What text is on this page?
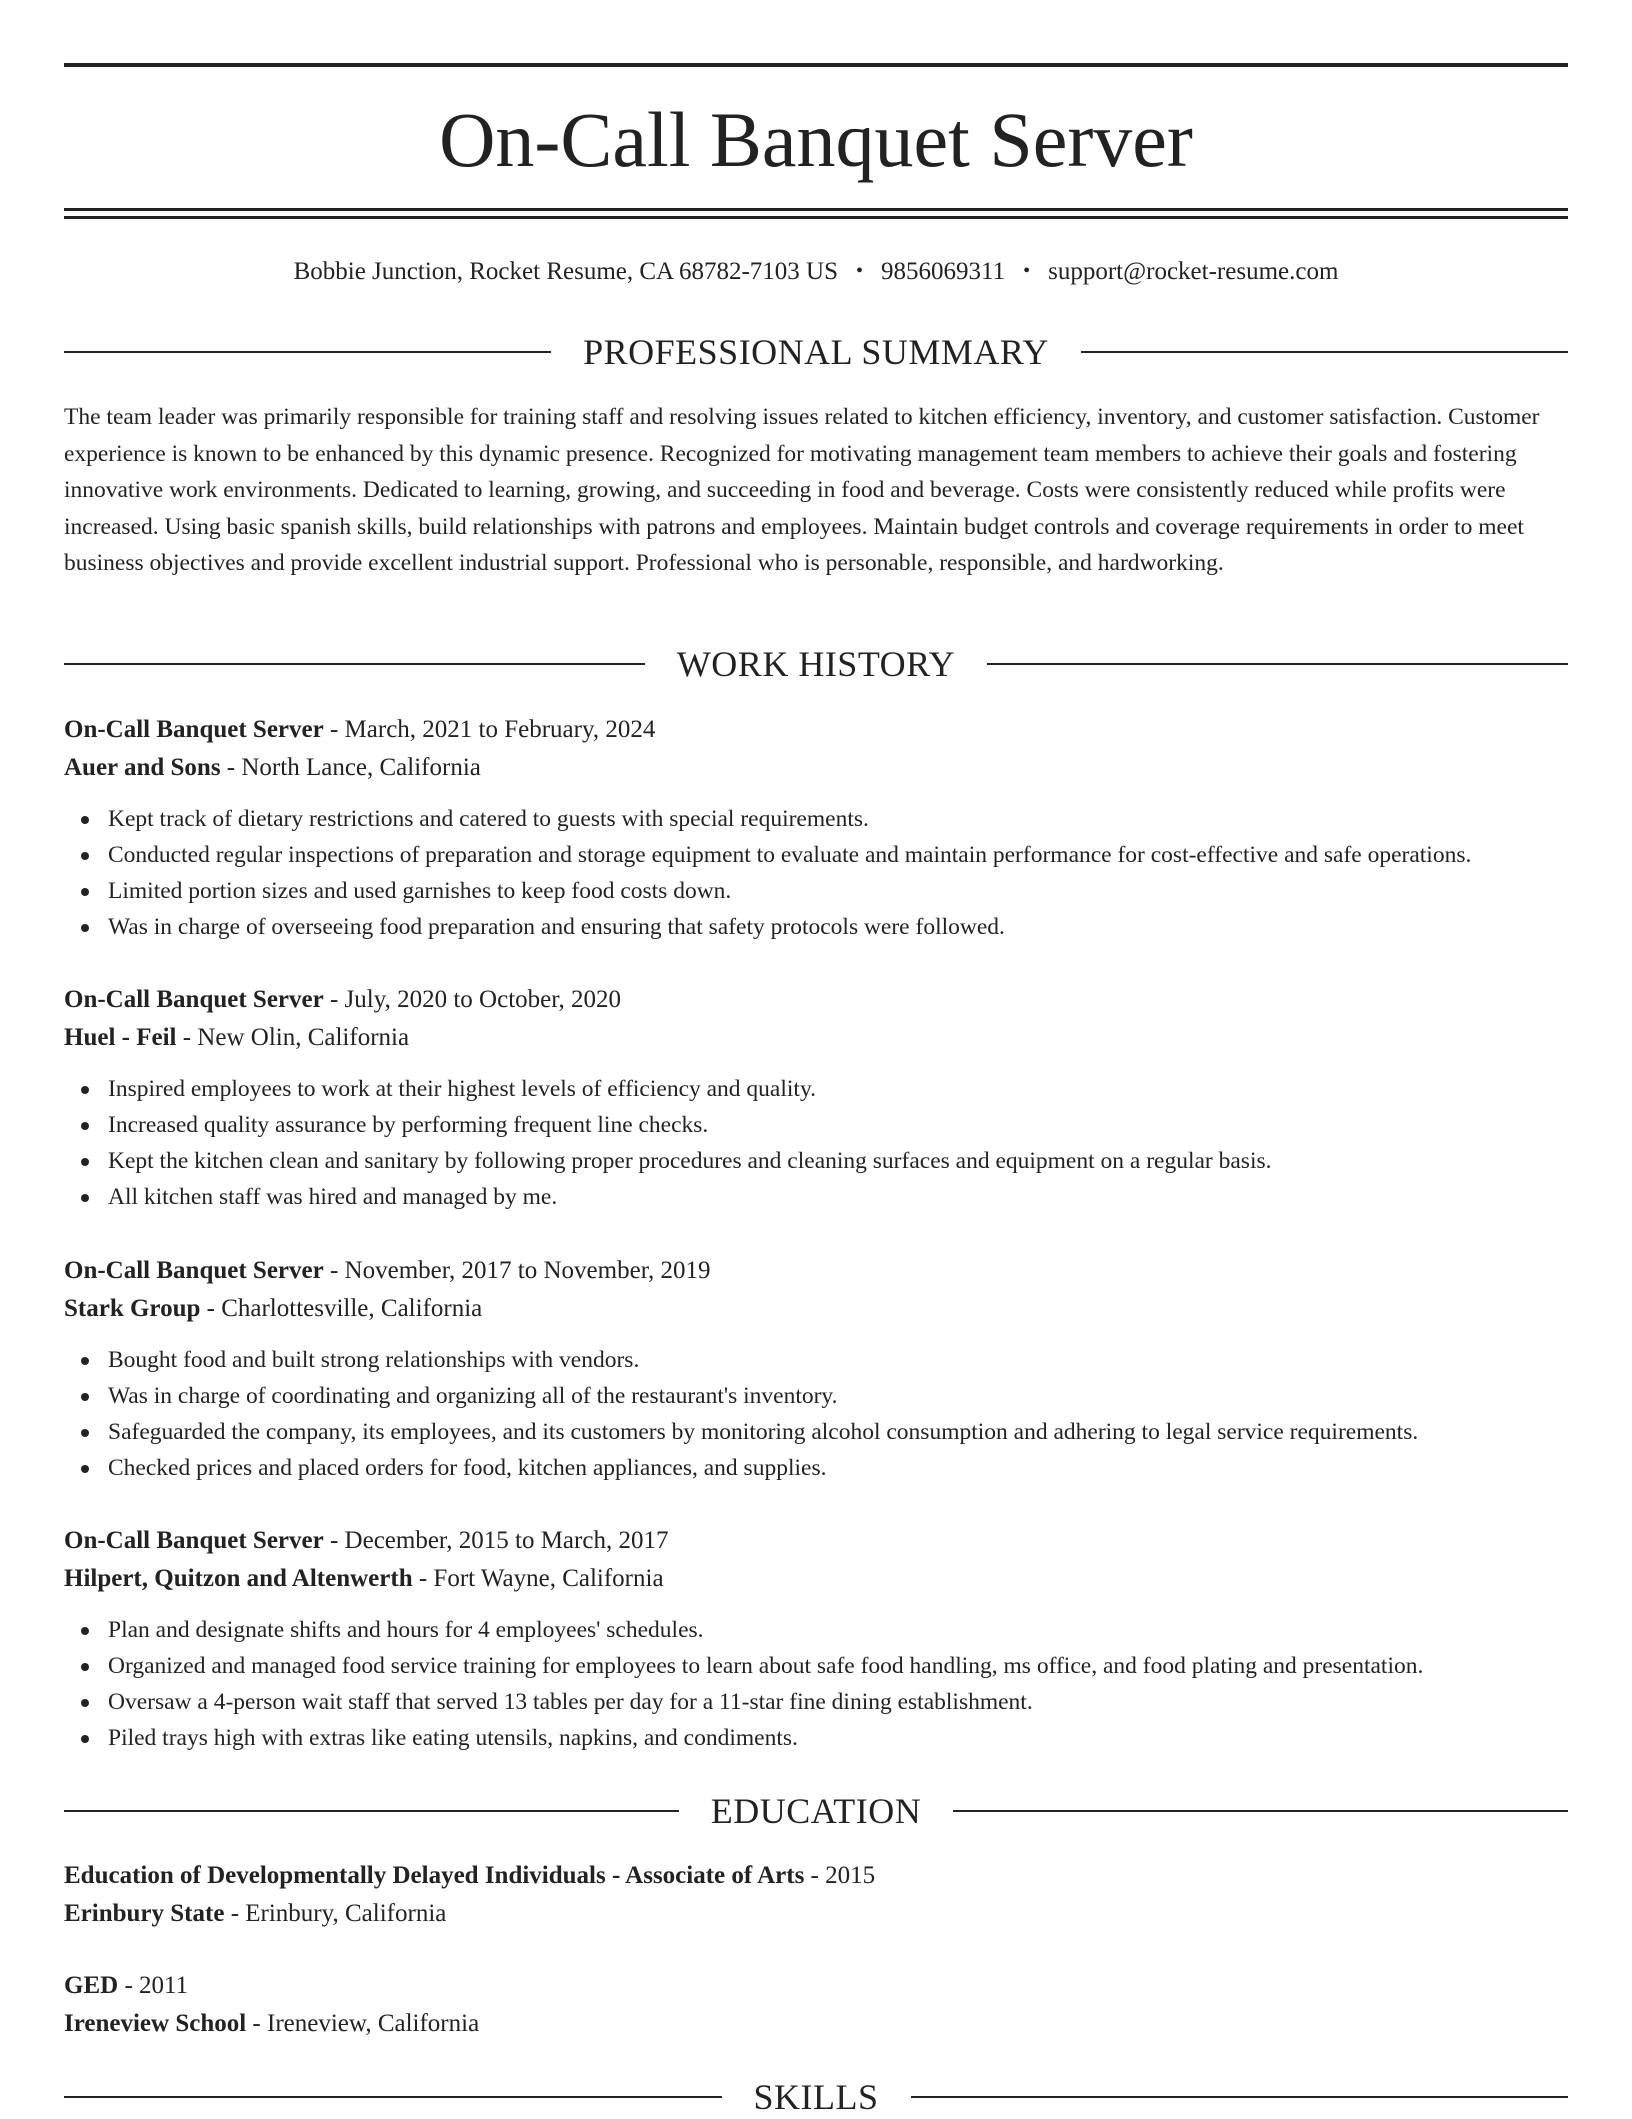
On-Call Banquet Server
Bobbie Junction, Rocket Resume, CA 68782-7103 US • 9856069311 • support@rocket-resume.com
PROFESSIONAL SUMMARY

The team leader was primarily responsible for training staff and resolving issues related to kitchen efficiency, inventory, and customer satisfaction. Customer experience is known to be enhanced by this dynamic presence. Recognized for motivating management team members to achieve their goals and fostering innovative work environments. Dedicated to learning, growing, and succeeding in food and beverage. Costs were consistently reduced while profits were increased. Using basic spanish skills, build relationships with patrons and employees. Maintain budget controls and coverage requirements in order to meet business objectives and provide excellent industrial support. Professional who is personable, responsible, and hardworking.

WORK HISTORY
On-Call Banquet Server - March, 2021 to February, 2024
Auer and Sons - North Lance, California
Kept track of dietary restrictions and catered to guests with special requirements.
Conducted regular inspections of preparation and storage equipment to evaluate and maintain performance for cost-effective and safe operations.
Limited portion sizes and used garnishes to keep food costs down.
Was in charge of overseeing food preparation and ensuring that safety protocols were followed.
On-Call Banquet Server - July, 2020 to October, 2020
Huel - Feil - New Olin, California
Inspired employees to work at their highest levels of efficiency and quality.
Increased quality assurance by performing frequent line checks.
Kept the kitchen clean and sanitary by following proper procedures and cleaning surfaces and equipment on a regular basis.
All kitchen staff was hired and managed by me.
On-Call Banquet Server - November, 2017 to November, 2019
Stark Group - Charlottesville, California
Bought food and built strong relationships with vendors.
Was in charge of coordinating and organizing all of the restaurant's inventory.
Safeguarded the company, its employees, and its customers by monitoring alcohol consumption and adhering to legal service requirements.
Checked prices and placed orders for food, kitchen appliances, and supplies.
On-Call Banquet Server - December, 2015 to March, 2017
Hilpert, Quitzon and Altenwerth - Fort Wayne, California
Plan and designate shifts and hours for 4 employees' schedules.
Organized and managed food service training for employees to learn about safe food handling, ms office, and food plating and presentation.
Oversaw a 4-person wait staff that served 13 tables per day for a 11-star fine dining establishment.
Piled trays high with extras like eating utensils, napkins, and condiments.
EDUCATION
Education of Developmentally Delayed Individuals - Associate of Arts - 2015
Erinbury State - Erinbury, California
GED - 2011
Ireneview School - Ireneview, California
SKILLS
